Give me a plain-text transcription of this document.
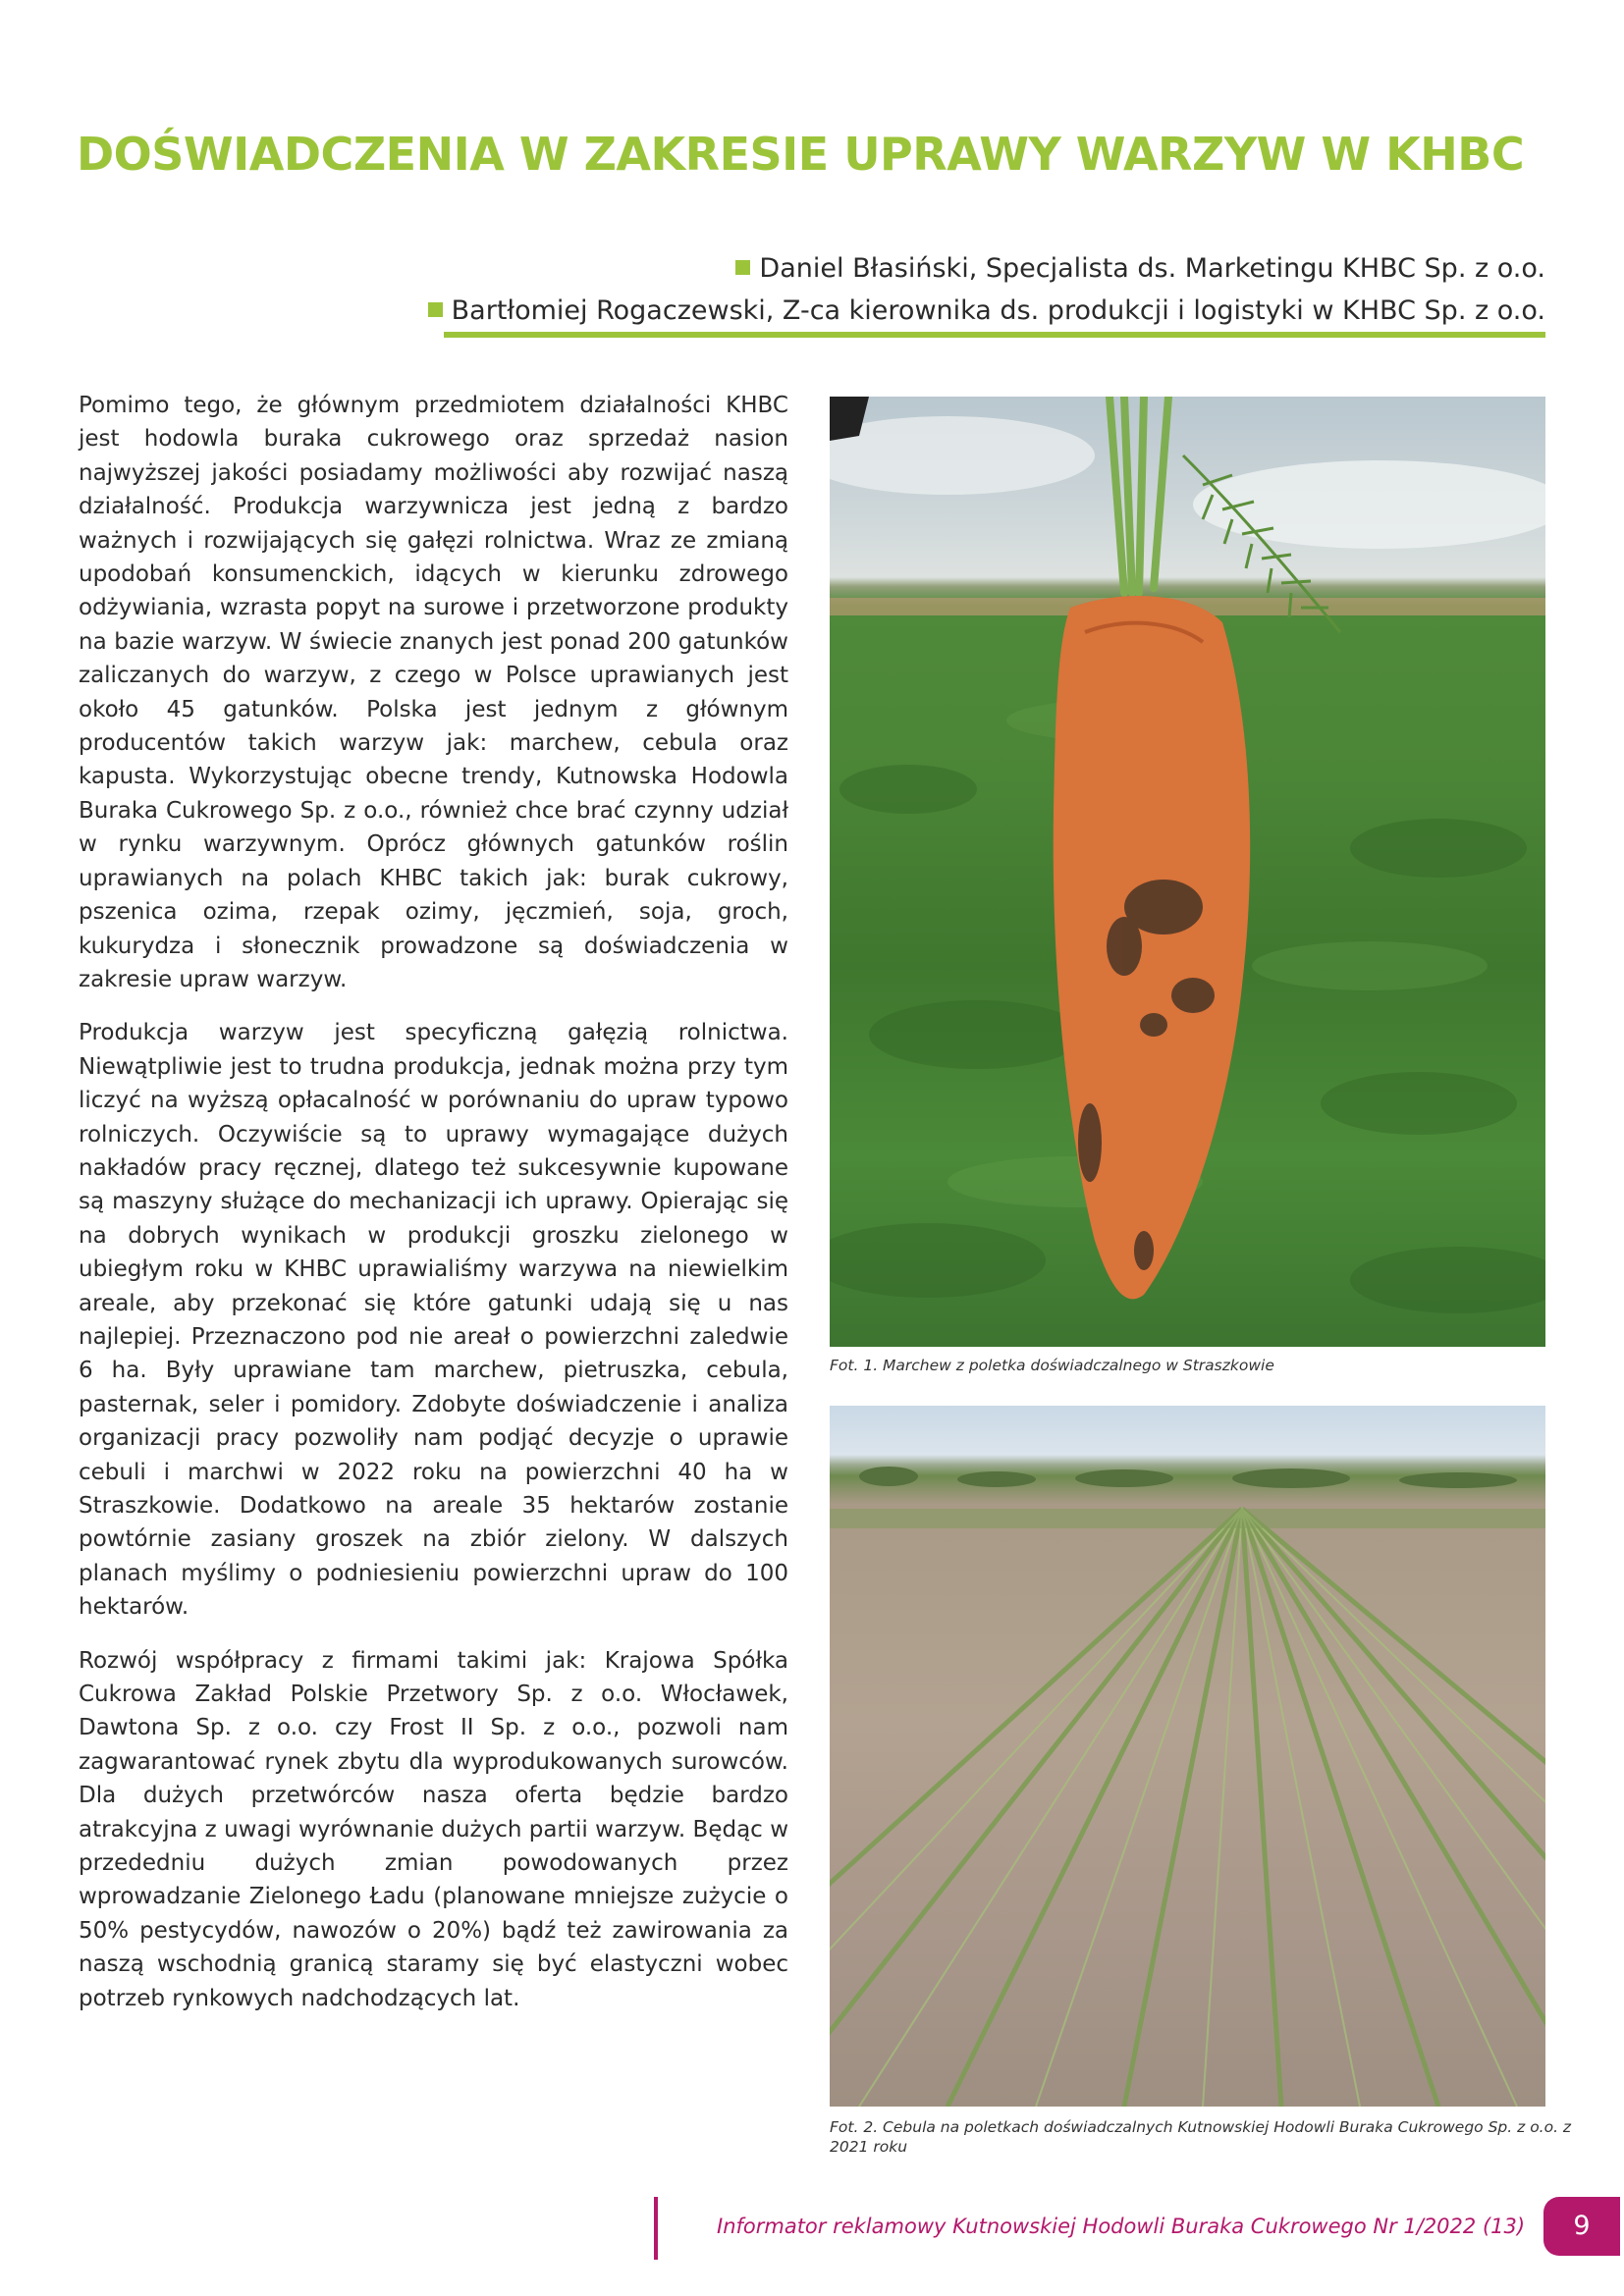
DOŚWIADCZENIA W ZAKRESIE UPRAWY WARZYW W KHBC
Daniel Błasiński, Specjalista ds. Marketingu KHBC Sp. z o.o.
Bartłomiej Rogaczewski, Z-ca kierownika ds. produkcji i logistyki w KHBC Sp. z o.o.

Pomimo tego, że głównym przedmiotem działalności KHBC jest hodowla buraka cukrowego oraz sprzedaż nasion najwyższej jakości posiadamy możliwości aby rozwijać naszą działalność. Produkcja warzywnicza jest jedną z bardzo ważnych i rozwijających się gałęzi rolnictwa. Wraz ze zmianą upodobań konsumenckich, idących w kierunku zdrowego odżywiania, wzrasta popyt na surowe i przetworzone produkty na bazie warzyw. W świecie znanych jest ponad 200 gatunków zaliczanych do warzyw, z czego w Polsce uprawianych jest około 45 gatunków. Polska jest jednym z głównym producentów takich warzyw jak: marchew, cebula oraz kapusta. Wykorzystując obecne trendy, Kutnowska Hodowla Buraka Cukrowego Sp. z o.o., również chce brać czynny udział w rynku warzywnym. Oprócz głównych gatunków roślin uprawianych na polach KHBC takich jak: burak cukrowy, pszenica ozima, rzepak ozimy, jęczmień, soja, groch, kukurydza i słonecznik prowadzone są doświadczenia w zakresie upraw warzyw.

Produkcja warzyw jest specyficzną gałęzią rolnictwa. Niewątpliwie jest to trudna produkcja, jednak można przy tym liczyć na wyższą opłacalność w porównaniu do upraw typowo rolniczych. Oczywiście są to uprawy wymagające dużych nakładów pracy ręcznej, dlatego też sukcesywnie kupowane są maszyny służące do mechanizacji ich uprawy. Opierając się na dobrych wynikach w produkcji groszku zielonego w ubiegłym roku w KHBC uprawialiśmy warzywa na niewielkim areale, aby przekonać się które gatunki udają się u nas najlepiej. Przeznaczono pod nie areał o powierzchni zaledwie 6 ha. Były uprawiane tam marchew, pietruszka, cebula, pasternak, seler i pomidory. Zdobyte doświadczenie i analiza organizacji pracy pozwoliły nam podjąć decyzje o uprawie cebuli i marchwi w 2022 roku na powierzchni 40 ha w Straszkowie. Dodatkowo na areale 35 hektarów zostanie powtórnie zasiany groszek na zbiór zielony. W dalszych planach myślimy o podniesieniu powierzchni upraw do 100 hektarów.

Rozwój współpracy z firmami takimi jak: Krajowa Spółka Cukrowa Zakład Polskie Przetwory Sp. z o.o. Włocławek, Dawtona Sp. z o.o. czy Frost II Sp. z o.o., pozwoli nam zagwarantować rynek zbytu dla wyprodukowanych surowców. Dla dużych przetwórców nasza oferta będzie bardzo atrakcyjna z uwagi wyrównanie dużych partii warzyw. Będąc w przededniu dużych zmian powodowanych przez wprowadzanie Zielonego Ładu (planowane mniejsze zużycie o 50% pestycydów, nawozów o 20%) bądź też zawirowania za naszą wschodnią granicą staramy się być elastyczni wobec potrzeb rynkowych nadchodzących lat.

Fot. 1. Marchew z poletka doświadczalnego w Straszkowie
Fot. 2. Cebula na poletkach doświadczalnych Kutnowskiej Hodowli Buraka Cukrowego Sp. z o.o. z 2021 roku
Informator reklamowy Kutnowskiej Hodowli Buraka Cukrowego Nr 1/2022 (13)	9
